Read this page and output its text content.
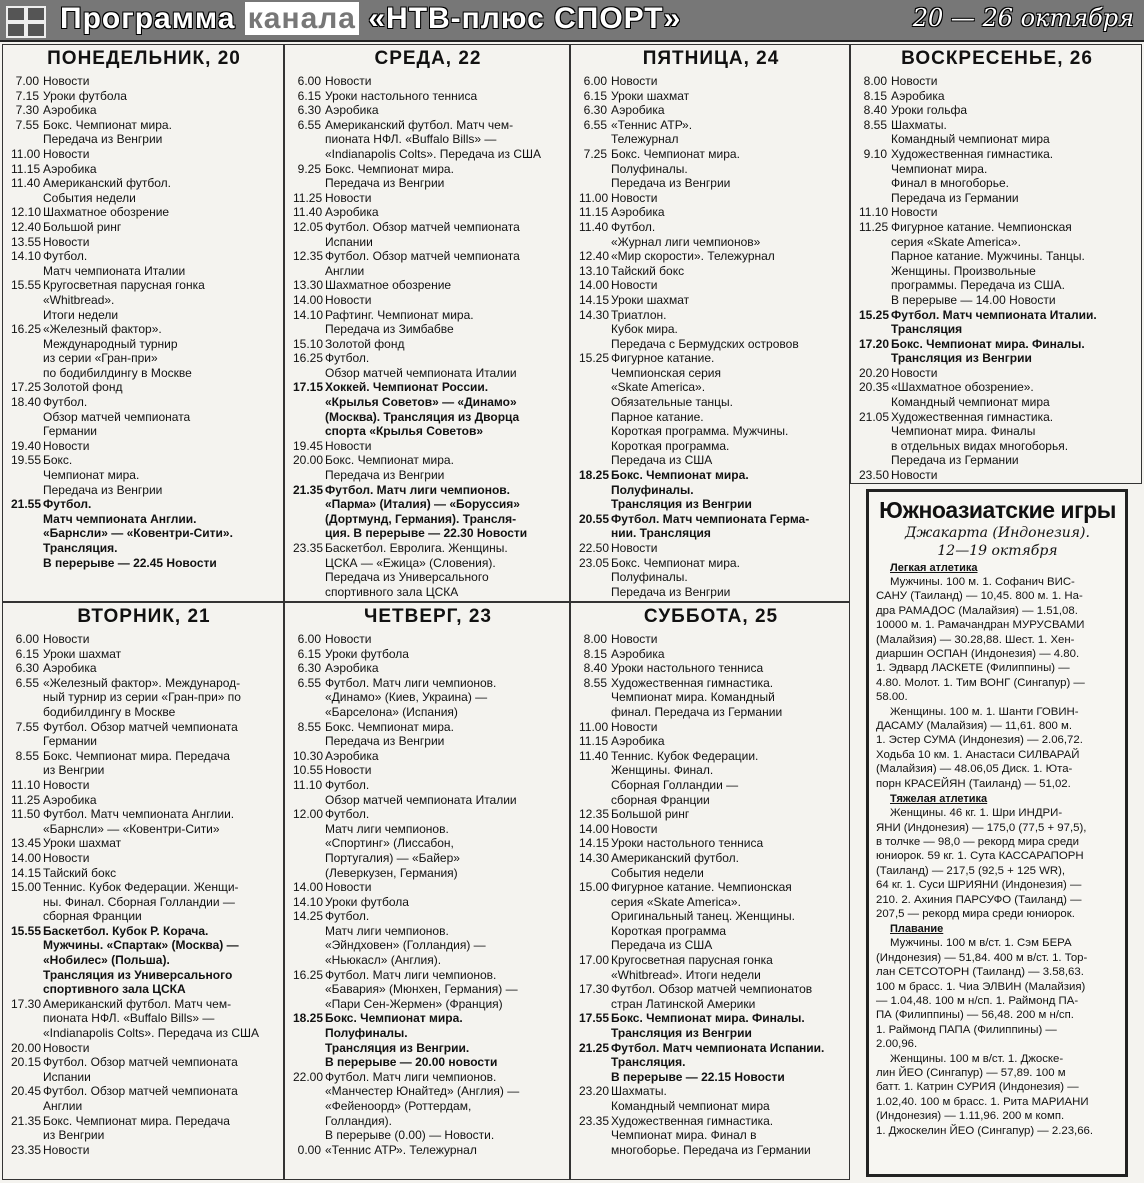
Программа канала «НТВ-плюс СПОРТ»	20 — 26 октября
ПОНЕДЕЛЬНИК, 20
7.00 Новости
7.15 Уроки футбола
7.30 Аэробика
7.55 Бокс. Чемпионат мира.
Передача из Венгрии
11.00 Новости
11.15 Аэробика
11.40 Американский футбол.
События недели
12.10 Шахматное обозрение
12.40 Большой ринг
13.55 Новости
14.10 Футбол.
Матч чемпионата Италии
15.55 Кругосветная парусная гонка
«Whitbread».
Итоги недели
16.25 «Железный фактор».
Международный турнир
из серии «Гран-при»
по бодибилдингу в Москве
17.25 Золотой фонд
18.40 Футбол.
Обзор матчей чемпионата
Германии
19.40 Новости
19.55 Бокс.
Чемпионат мира.
Передача из Венгрии
21.55 Футбол.
Матч чемпионата Англии.
«Барнсли» — «Ковентри-Сити».
Трансляция.
В перерыве — 22.45 Новости
СРЕДА, 22
6.00 Новости
6.15 Уроки настольного тенниса
6.30 Аэробика
6.55 Американский футбол. Матч чем-
пионата НФЛ. «Buffalo Bills» —
«Indianapolis Colts». Передача из США
9.25 Бокс. Чемпионат мира.
Передача из Венгрии
11.25 Новости
11.40 Аэробика
12.05 Футбол. Обзор матчей чемпионата
Испании
12.35 Футбол. Обзор матчей чемпионата
Англии
13.30 Шахматное обозрение
14.00 Новости
14.10 Рафтинг. Чемпионат мира.
Передача из Зимбабве
15.10 Золотой фонд
16.25 Футбол.
Обзор матчей чемпионата Италии
17.15 Хоккей. Чемпионат России.
«Крылья Советов» — «Динамо»
(Москва). Трансляция из Дворца
спорта «Крылья Советов»
19.45 Новости
20.00 Бокс. Чемпионат мира.
Передача из Венгрии
21.35 Футбол. Матч лиги чемпионов.
«Парма» (Италия) — «Боруссия»
(Дортмунд, Германия). Трансля-
ция. В перерыве — 22.30 Новости
23.35 Баскетбол. Евролига. Женщины.
ЦСКА — «Ежица» (Словения).
Передача из Универсального
спортивного зала ЦСКА
ПЯТНИЦА, 24
6.00 Новости
6.15 Уроки шахмат
6.30 Аэробика
6.55 «Теннис АТР».
Тележурнал
7.25 Бокс. Чемпионат мира.
Полуфиналы.
Передача из Венгрии
11.00 Новости
11.15 Аэробика
11.40 Футбол.
«Журнал лиги чемпионов»
12.40 «Мир скорости». Тележурнал
13.10 Тайский бокс
14.00 Новости
14.15 Уроки шахмат
14.30 Триатлон.
Кубок мира.
Передача с Бермудских островов
15.25 Фигурное катание.
Чемпионская серия
«Skate America».
Обязательные танцы.
Парное катание.
Короткая программа. Мужчины.
Короткая программа.
Передача из США
18.25 Бокс. Чемпионат мира.
Полуфиналы.
Трансляция из Венгрии
20.55 Футбол. Матч чемпионата Герма-
нии. Трансляция
22.50 Новости
23.05 Бокс. Чемпионат мира.
Полуфиналы.
Передача из Венгрии
ВОСКРЕСЕНЬЕ, 26
8.00 Новости
8.15 Аэробика
8.40 Уроки гольфа
8.55 Шахматы.
Командный чемпионат мира
9.10 Художественная гимнастика.
Чемпионат мира.
Финал в многоборье.
Передача из Германии
11.10 Новости
11.25 Фигурное катание. Чемпионская
серия «Skate America».
Парное катание. Мужчины. Танцы.
Женщины. Произвольные
программы. Передача из США.
В перерыве — 14.00 Новости
15.25 Футбол. Матч чемпионата Италии.
Трансляция
17.20 Бокс. Чемпионат мира. Финалы.
Трансляция из Венгрии
20.20 Новости
20.35 «Шахматное обозрение».
Командный чемпионат мира
21.05 Художественная гимнастика.
Чемпионат мира. Финалы
в отдельных видах многоборья.
Передача из Германии
23.50 Новости
ВТОРНИК, 21
6.00 Новости
6.15 Уроки шахмат
6.30 Аэробика
6.55 «Железный фактор». Международ-
ный турнир из серии «Гран-при» по
бодибилдингу в Москве
7.55 Футбол. Обзор матчей чемпионата
Германии
8.55 Бокс. Чемпионат мира. Передача
из Венгрии
11.10 Новости
11.25 Аэробика
11.50 Футбол. Матч чемпионата Англии.
«Барнсли» — «Ковентри-Сити»
13.45 Уроки шахмат
14.00 Новости
14.15 Тайский бокс
15.00 Теннис. Кубок Федерации. Женщи-
ны. Финал. Сборная Голландии —
сборная Франции
15.55 Баскетбол. Кубок Р. Корача.
Мужчины. «Спартак» (Москва) —
«Нобилес» (Польша).
Трансляция из Универсального
спортивного зала ЦСКА
17.30 Американский футбол. Матч чем-
пионата НФЛ. «Buffalo Bills» —
«Indianapolis Colts». Передача из США
20.00 Новости
20.15 Футбол. Обзор матчей чемпионата
Испании
20.45 Футбол. Обзор матчей чемпионата
Англии
21.35 Бокс. Чемпионат мира. Передача
из Венгрии
23.35 Новости
ЧЕТВЕРГ, 23
6.00 Новости
6.15 Уроки футбола
6.30 Аэробика
6.55 Футбол. Матч лиги чемпионов.
«Динамо» (Киев, Украина) —
«Барселона» (Испания)
8.55 Бокс. Чемпионат мира.
Передача из Венгрии
10.30 Аэробика
10.55 Новости
11.10 Футбол.
Обзор матчей чемпионата Италии
12.00 Футбол.
Матч лиги чемпионов.
«Спортинг» (Лиссабон,
Португалия) — «Байер»
(Леверкузен, Германия)
14.00 Новости
14.10 Уроки футбола
14.25 Футбол.
Матч лиги чемпионов.
«Эйндховен» (Голландия) —
«Ньюкасл» (Англия).
16.25 Футбол. Матч лиги чемпионов.
«Бавария» (Мюнхен, Германия) —
«Пари Сен-Жермен» (Франция)
18.25 Бокс. Чемпионат мира.
Полуфиналы.
Трансляция из Венгрии.
В перерыве — 20.00 новости
22.00 Футбол. Матч лиги чемпионов.
«Манчестер Юнайтед» (Англия) —
«Фейеноорд» (Роттердам,
Голландия).
В перерыве (0.00) — Новости.
0.00 «Теннис АТР». Тележурнал
СУББОТА, 25
8.00 Новости
8.15 Аэробика
8.40 Уроки настольного тенниса
8.55 Художественная гимнастика.
Чемпионат мира. Командный
финал. Передача из Германии
11.00 Новости
11.15 Аэробика
11.40 Теннис. Кубок Федерации.
Женщины. Финал.
Сборная Голландии —
сборная Франции
12.35 Большой ринг
14.00 Новости
14.15 Уроки настольного тенниса
14.30 Американский футбол.
События недели
15.00 Фигурное катание. Чемпионская
серия «Skate America».
Оригинальный танец. Женщины.
Короткая программа
Передача из США
17.00 Кругосветная парусная гонка
«Whitbread». Итоги недели
17.30 Футбол. Обзор матчей чемпионатов
стран Латинской Америки
17.55 Бокс. Чемпионат мира. Финалы.
Трансляция из Венгрии
21.25 Футбол. Матч чемпионата Испании.
Трансляция.
В перерыве — 22.15 Новости
23.20 Шахматы.
Командный чемпионат мира
23.35 Художественная гимнастика.
Чемпионат мира. Финал в
многоборье. Передача из Германии
Южноазиатские игры
Джакарта (Индонезия).
12—19 октября
Легкая атлетика
Мужчины. 100 м. 1. Софанич ВИС-
САНУ (Таиланд) — 10,45. 800 м. 1. На-
дра РАМАДОС (Малайзия) — 1.51,08.
10000 м. 1. Рамачандран МУРУСВАМИ
(Малайзия) — 30.28,88. Шест. 1. Хен-
диаршин ОСПАН (Индонезия) — 4.80.
1. Эдвард ЛАСКЕТЕ (Филиппины) —
4.80. Молот. 1. Тим ВОНГ (Сингапур) —
58.00.
Женщины. 100 м. 1. Шанти ГОВИН-
ДАСАМУ (Малайзия) — 11,61. 800 м.
1. Эстер СУМА (Индонезия) — 2.06,72.
Ходьба 10 км. 1. Анастаси СИЛВАРАЙ
(Малайзия) — 48.06,05 Диск. 1. Юта-
порн КРАСЕЙЯН (Таиланд) — 51,02.
Тяжелая атлетика
Женщины. 46 кг. 1. Шри ИНДРИ-
ЯНИ (Индонезия) — 175,0 (77,5 + 97,5),
в толчке — 98,0 — рекорд мира среди
юниорок. 59 кг. 1. Сута КАССАРАПОРН
(Таиланд) — 217,5 (92,5 + 125 WR),
64 кг. 1. Суси ШРИЯНИ (Индонезия) —
210. 2. Ахиния ПАРСУФО (Таиланд) —
207,5 — рекорд мира среди юниорок.
Плавание
Мужчины. 100 м в/ст. 1. Сэм БЕРА
(Индонезия) — 51,84. 400 м в/ст. 1. Тор-
лан СЕТСОТОРН (Таиланд) — 3.58,63.
100 м брасс. 1. Чиа ЭЛВИН (Малайзия)
— 1.04,48. 100 м н/сп. 1. Раймонд ПА-
ПА (Филиппины) — 56,48. 200 м н/сп.
1. Раймонд ПАПА (Филиппины) —
2.00,96.
Женщины. 100 м в/ст. 1. Джоске-
лин ЙЕО (Сингапур) — 57,89. 100 м
батт. 1. Катрин СУРИЯ (Индонезия) —
1.02,40. 100 м брасс. 1. Рита МАРИАНИ
(Индонезия) — 1.11,96. 200 м комп.
1. Джоскелин ЙЕО (Сингапур) — 2.23,66.
